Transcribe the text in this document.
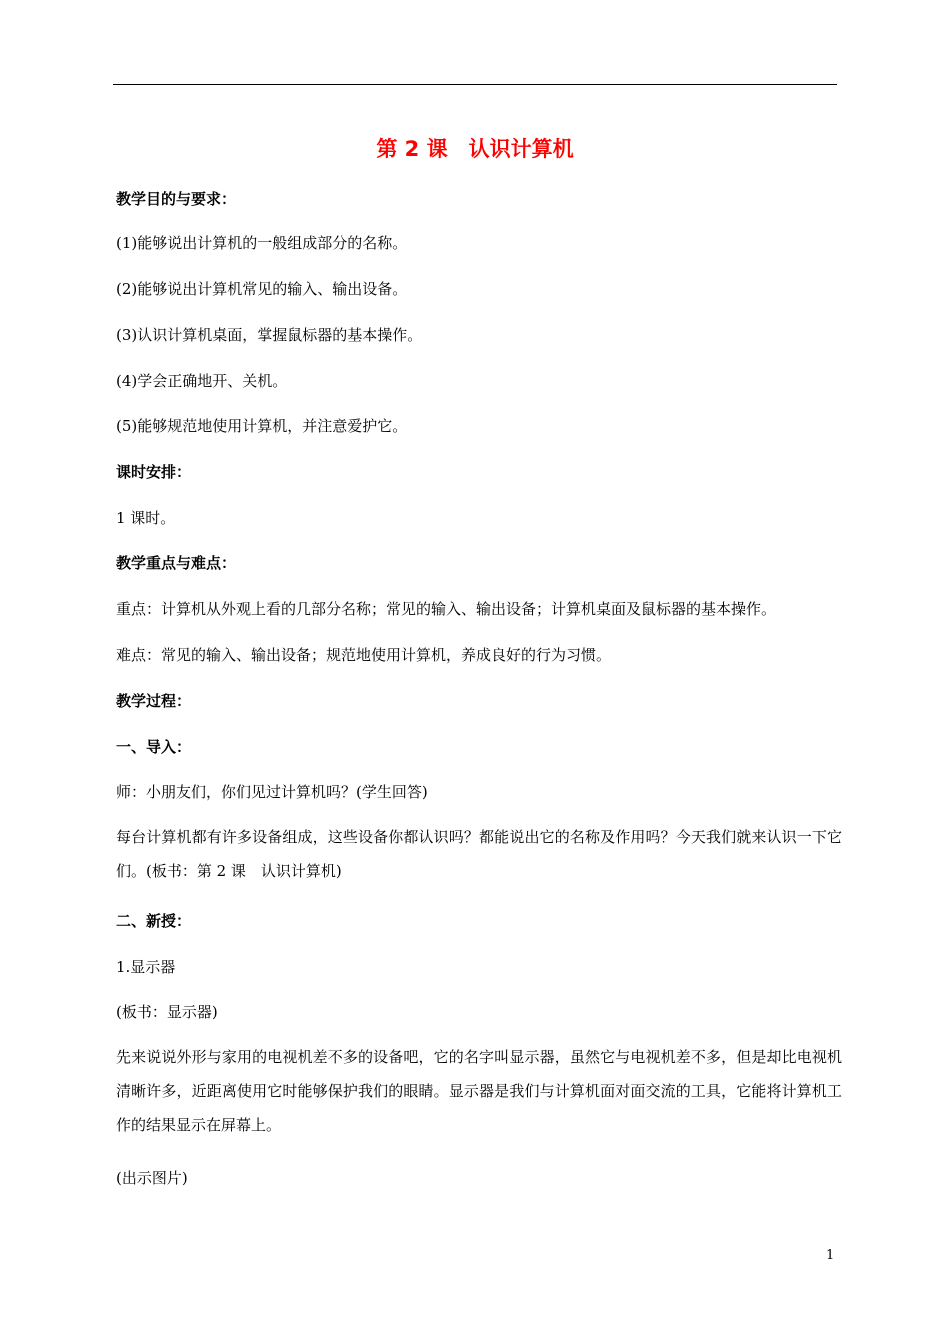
第 2 课　认识计算机
教学目的与要求：
(1)能够说出计算机的一般组成部分的名称。
(2)能够说出计算机常见的输入、输出设备。
(3)认识计算机桌面，掌握鼠标器的基本操作。
(4)学会正确地开、关机。
(5)能够规范地使用计算机，并注意爱护它。
课时安排：
1 课时。
教学重点与难点：
重点：计算机从外观上看的几部分名称；常见的输入、输出设备；计算机桌面及鼠标器的基本操作。
难点：常见的输入、输出设备；规范地使用计算机，养成良好的行为习惯。
教学过程：
一、导入：
师：小朋友们，你们见过计算机吗？(学生回答)
每台计算机都有许多设备组成，这些设备你都认识吗？都能说出它的名称及作用吗？今天我们就来认识一下它们。(板书：第 2 课　认识计算机)
二、新授：
1.显示器
(板书：显示器)
先来说说外形与家用的电视机差不多的设备吧，它的名字叫显示器，虽然它与电视机差不多，但是却比电视机清晰许多，近距离使用它时能够保护我们的眼睛。显示器是我们与计算机面对面交流的工具，它能将计算机工作的结果显示在屏幕上。
(出示图片)
1
